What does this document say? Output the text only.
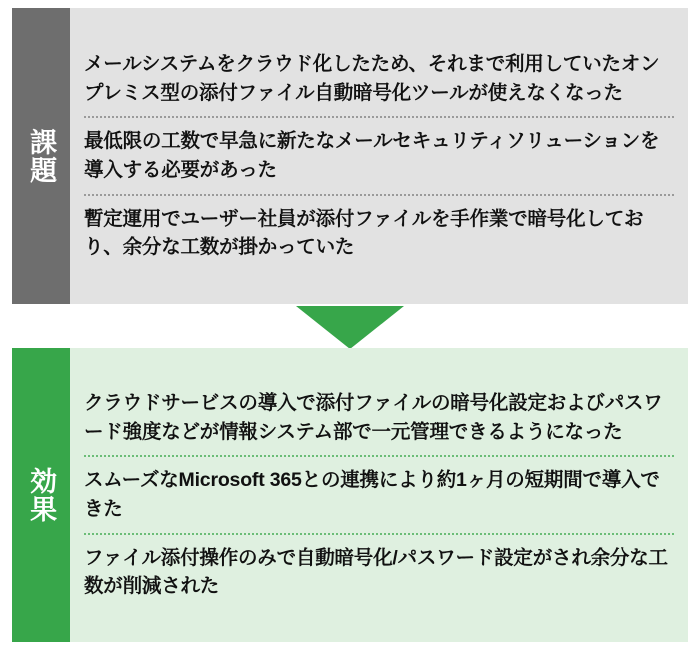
課題
メールシステムをクラウド化したため、それまで利用していたオンプレミス型の添付ファイル自動暗号化ツールが使えなくなった
最低限の工数で早急に新たなメールセキュリティソリューションを導入する必要があった
暫定運用でユーザー社員が添付ファイルを手作業で暗号化しており、余分な工数が掛かっていた
効果
クラウドサービスの導入で添付ファイルの暗号化設定およびパスワード強度などが情報システム部で一元管理できるようになった
スムーズなMicrosoft 365との連携により約1ヶ月の短期間で導入できた
ファイル添付操作のみで自動暗号化/パスワード設定がされ余分な工数が削減された
